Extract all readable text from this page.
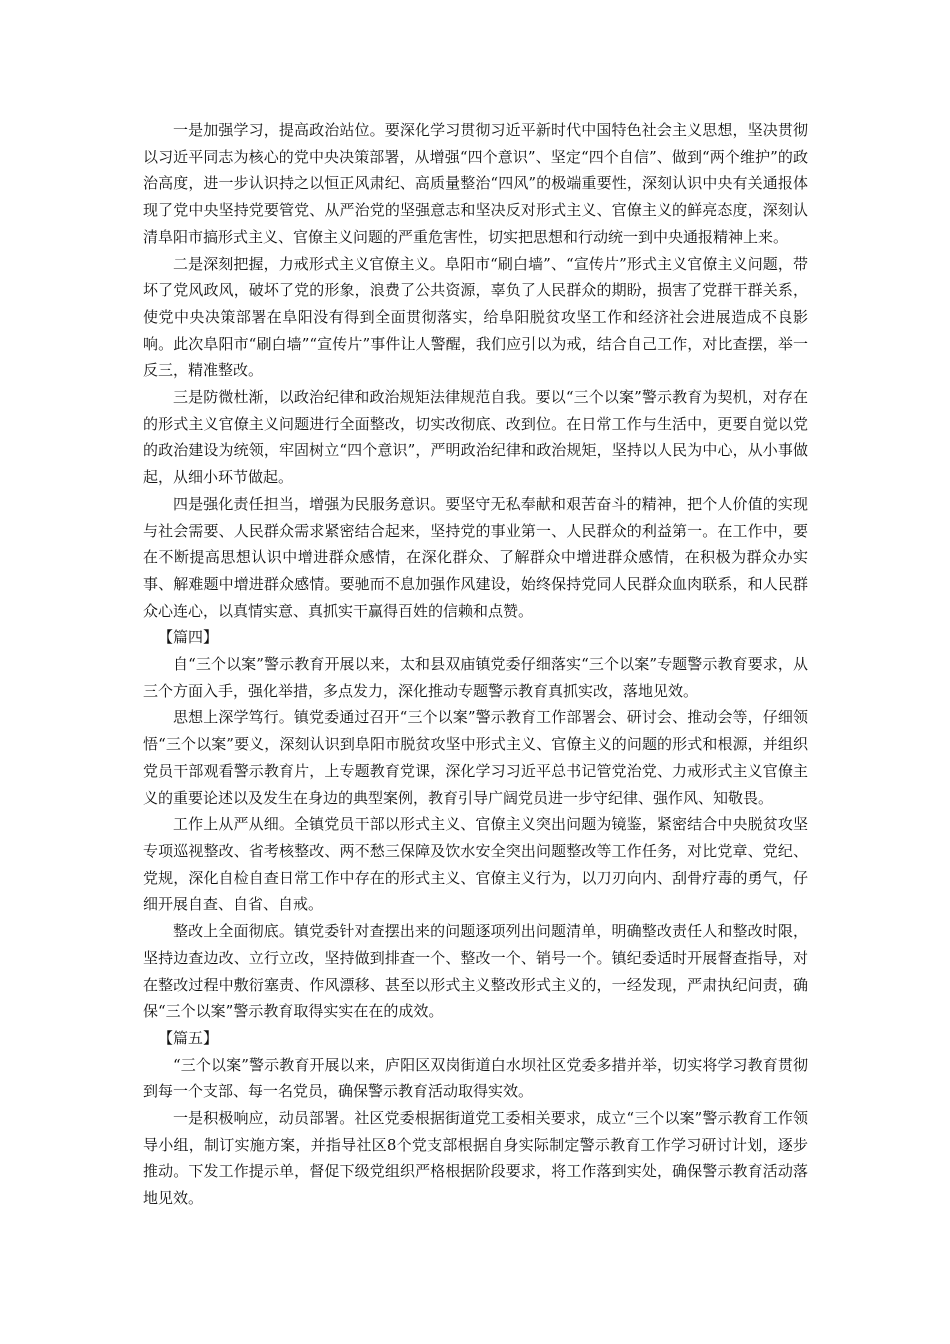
一是加强学习，提高政治站位。要深化学习贯彻习近平新时代中国特色社会主义思想，坚决贯彻以习近平同志为核心的党中央决策部署，从增强“四个意识”、坚定“四个自信”、做到“两个维护”的政治高度，进一步认识持之以恒正风肃纪、高质量整治“四风”的极端重要性，深刻认识中央有关通报体现了党中央坚持党要管党、从严治党的坚强意志和坚决反对形式主义、官僚主义的鲜亮态度，深刻认清阜阳市搞形式主义、官僚主义问题的严重危害性，切实把思想和行动统一到中央通报精神上来。

二是深刻把握，力戒形式主义官僚主义。阜阳市“刷白墙”、“宣传片”形式主义官僚主义问题，带坏了党风政风，破坏了党的形象，浪费了公共资源，辜负了人民群众的期盼，损害了党群干群关系，使党中央决策部署在阜阳没有得到全面贯彻落实，给阜阳脱贫攻坚工作和经济社会进展造成不良影响。此次阜阳市“刷白墙”“宣传片”事件让人警醒，我们应引以为戒，结合自己工作，对比查摆，举一反三，精准整改。

三是防微杜渐，以政治纪律和政治规矩法律规范自我。要以“三个以案”警示教育为契机，对存在的形式主义官僚主义问题进行全面整改，切实改彻底、改到位。在日常工作与生活中，更要自觉以党的政治建设为统领，牢固树立“四个意识”，严明政治纪律和政治规矩，坚持以人民为中心，从小事做起，从细小环节做起。

四是强化责任担当，增强为民服务意识。要坚守无私奉献和艰苦奋斗的精神，把个人价值的实现与社会需要、人民群众需求紧密结合起来，坚持党的事业第一、人民群众的利益第一。在工作中，要在不断提高思想认识中增进群众感情，在深化群众、了解群众中增进群众感情，在积极为群众办实事、解难题中增进群众感情。要驰而不息加强作风建设，始终保持党同人民群众血肉联系，和人民群众心连心，以真情实意、真抓实干赢得百姓的信赖和点赞。

【篇四】

自“三个以案”警示教育开展以来，太和县双庙镇党委仔细落实“三个以案”专题警示教育要求，从三个方面入手，强化举措，多点发力，深化推动专题警示教育真抓实改，落地见效。

思想上深学笃行。镇党委通过召开“三个以案”警示教育工作部署会、研讨会、推动会等，仔细领悟“三个以案”要义，深刻认识到阜阳市脱贫攻坚中形式主义、官僚主义的问题的形式和根源，并组织党员干部观看警示教育片，上专题教育党课，深化学习习近平总书记管党治党、力戒形式主义官僚主义的重要论述以及发生在身边的典型案例，教育引导广阔党员进一步守纪律、强作风、知敬畏。

工作上从严从细。全镇党员干部以形式主义、官僚主义突出问题为镜鉴，紧密结合中央脱贫攻坚专项巡视整改、省考核整改、两不愁三保障及饮水安全突出问题整改等工作任务，对比党章、党纪、党规，深化自检自查日常工作中存在的形式主义、官僚主义行为，以刀刃向内、刮骨疗毒的勇气，仔细开展自查、自省、自戒。

整改上全面彻底。镇党委针对查摆出来的问题逐项列出问题清单，明确整改责任人和整改时限，坚持边查边改、立行立改，坚持做到排查一个、整改一个、销号一个。镇纪委适时开展督查指导，对在整改过程中敷衍塞责、作风漂移、甚至以形式主义整改形式主义的，一经发现，严肃执纪问责，确保“三个以案”警示教育取得实实在在的成效。

【篇五】

“三个以案”警示教育开展以来，庐阳区双岗街道白水坝社区党委多措并举，切实将学习教育贯彻到每一个支部、每一名党员，确保警示教育活动取得实效。

一是积极响应，动员部署。社区党委根据街道党工委相关要求，成立“三个以案”警示教育工作领导小组，制订实施方案，并指导社区8个党支部根据自身实际制定警示教育工作学习研讨计划，逐步推动。下发工作提示单，督促下级党组织严格根据阶段要求，将工作落到实处，确保警示教育活动落地见效。
